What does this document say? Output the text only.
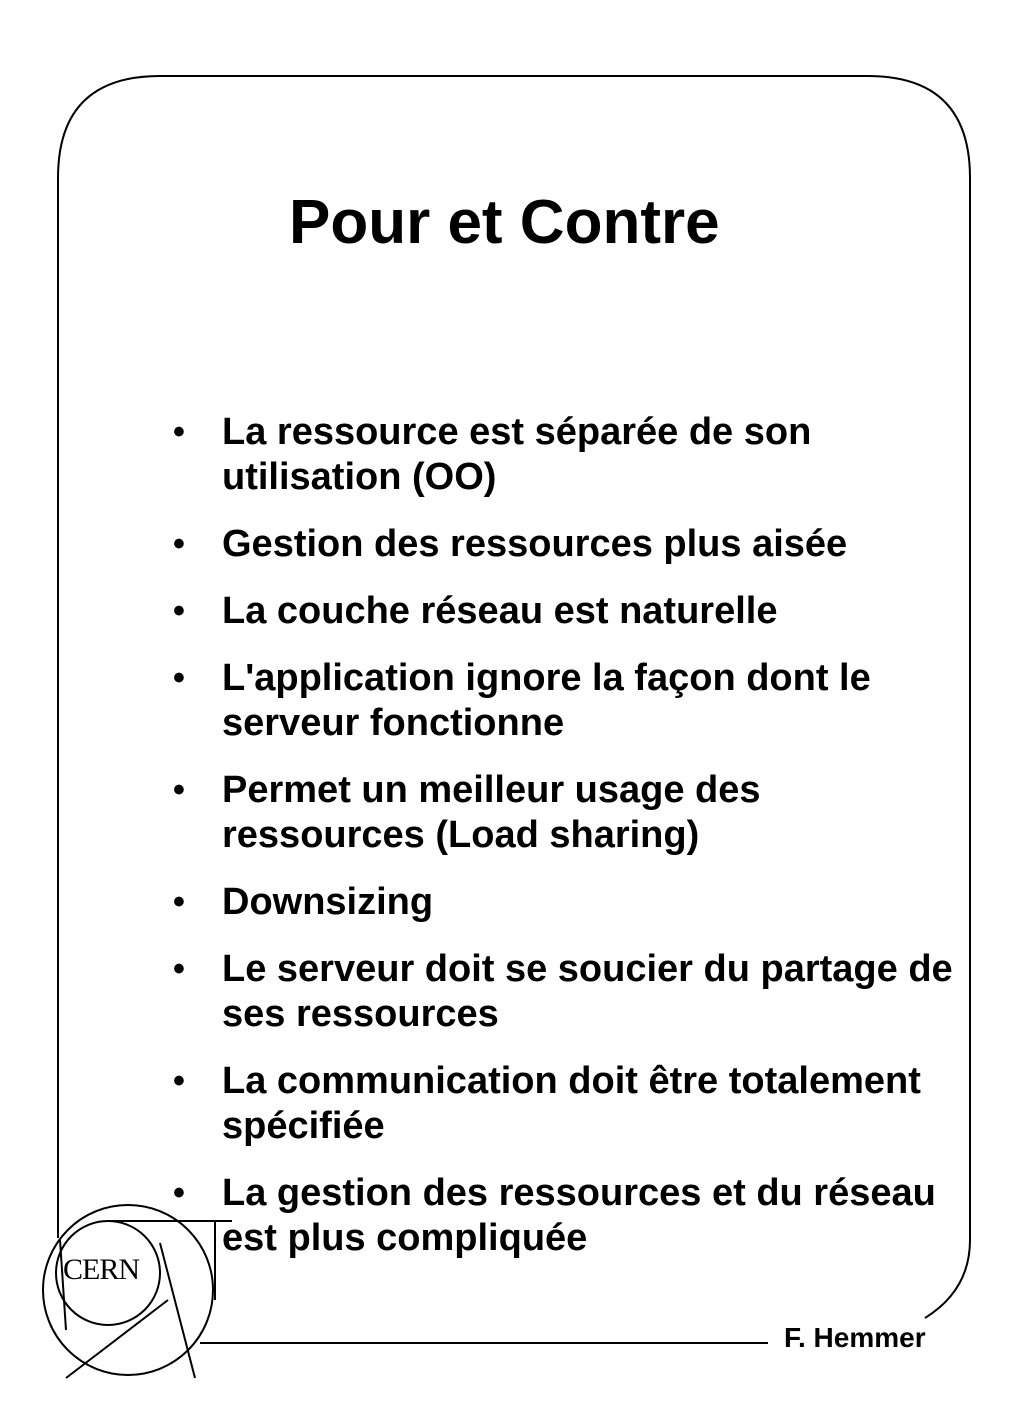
Pour et Contre
• La ressource est séparée de son utilisation (OO)
• Gestion des ressources plus aisée
• La couche réseau est naturelle
• L'application ignore la façon dont le serveur fonctionne
• Permet un meilleur usage des ressources (Load sharing)
• Downsizing
• Le serveur doit se soucier du partage de ses ressources
• La communication doit être totalement spécifiée
• La gestion des ressources et du réseau est plus compliquée
CERN
F. Hemmer
